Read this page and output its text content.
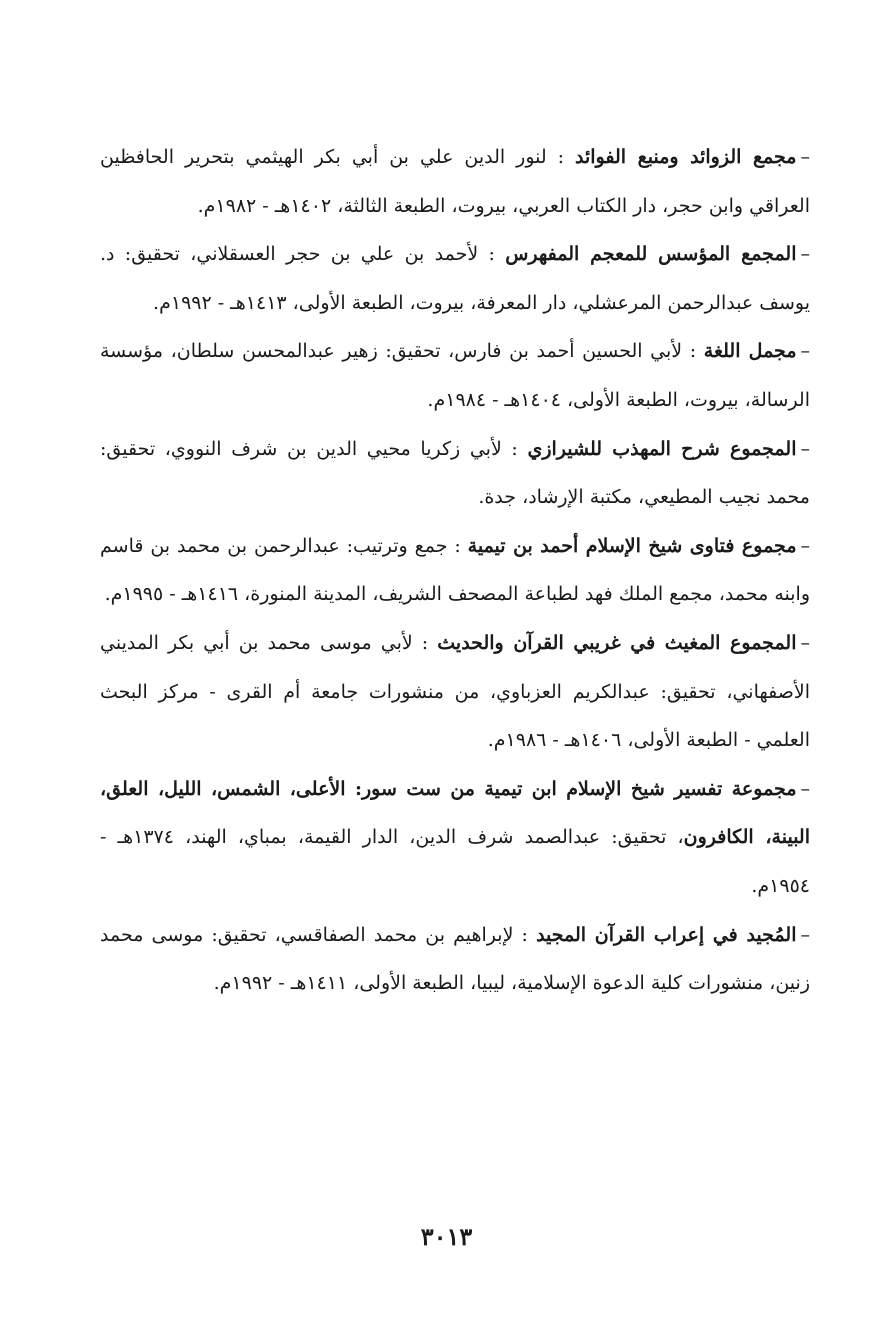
–مجمع الزوائد ومنبع الفوائد : لنور الدين علي بن أبي بكر الهيثمي بتحرير الحافظين العراقي وابن حجر، دار الكتاب العربي، بيروت، الطبعة الثالثة، ١٤٠٢هـ - ١٩٨٢م.
–المجمع المؤسس للمعجم المفهرس : لأحمد بن علي بن حجر العسقلاني، تحقيق: د. يوسف عبدالرحمن المرعشلي، دار المعرفة، بيروت، الطبعة الأولى، ١٤١٣هـ - ١٩٩٢م.
–مجمل اللغة : لأبي الحسين أحمد بن فارس، تحقيق: زهير عبدالمحسن سلطان، مؤسسة الرسالة، بيروت، الطبعة الأولى، ١٤٠٤هـ - ١٩٨٤م.
–المجموع شرح المهذب للشيرازي : لأبي زكريا محيي الدين بن شرف النووي، تحقيق: محمد نجيب المطيعي، مكتبة الإرشاد، جدة.
–مجموع فتاوى شيخ الإسلام أحمد بن تيمية : جمع وترتيب: عبدالرحمن بن محمد بن قاسم وابنه محمد، مجمع الملك فهد لطباعة المصحف الشريف، المدينة المنورة، ١٤١٦هـ - ١٩٩٥م.
–المجموع المغيث في غريبي القرآن والحديث : لأبي موسى محمد بن أبي بكر المديني الأصفهاني، تحقيق: عبدالكريم العزباوي، من منشورات جامعة أم القرى - مركز البحث العلمي - الطبعة الأولى، ١٤٠٦هـ - ١٩٨٦م.
–مجموعة تفسير شيخ الإسلام ابن تيمية من ست سور: الأعلى، الشمس، الليل، العلق، البينة، الكافرون، تحقيق: عبدالصمد شرف الدين، الدار القيمة، بمباي، الهند، ١٣٧٤هـ - ١٩٥٤م.
–المُجيد في إعراب القرآن المجيد : لإبراهيم بن محمد الصفاقسي، تحقيق: موسى محمد زنين، منشورات كلية الدعوة الإسلامية، ليبيا، الطبعة الأولى، ١٤١١هـ - ١٩٩٢م.
٣٠١٣
